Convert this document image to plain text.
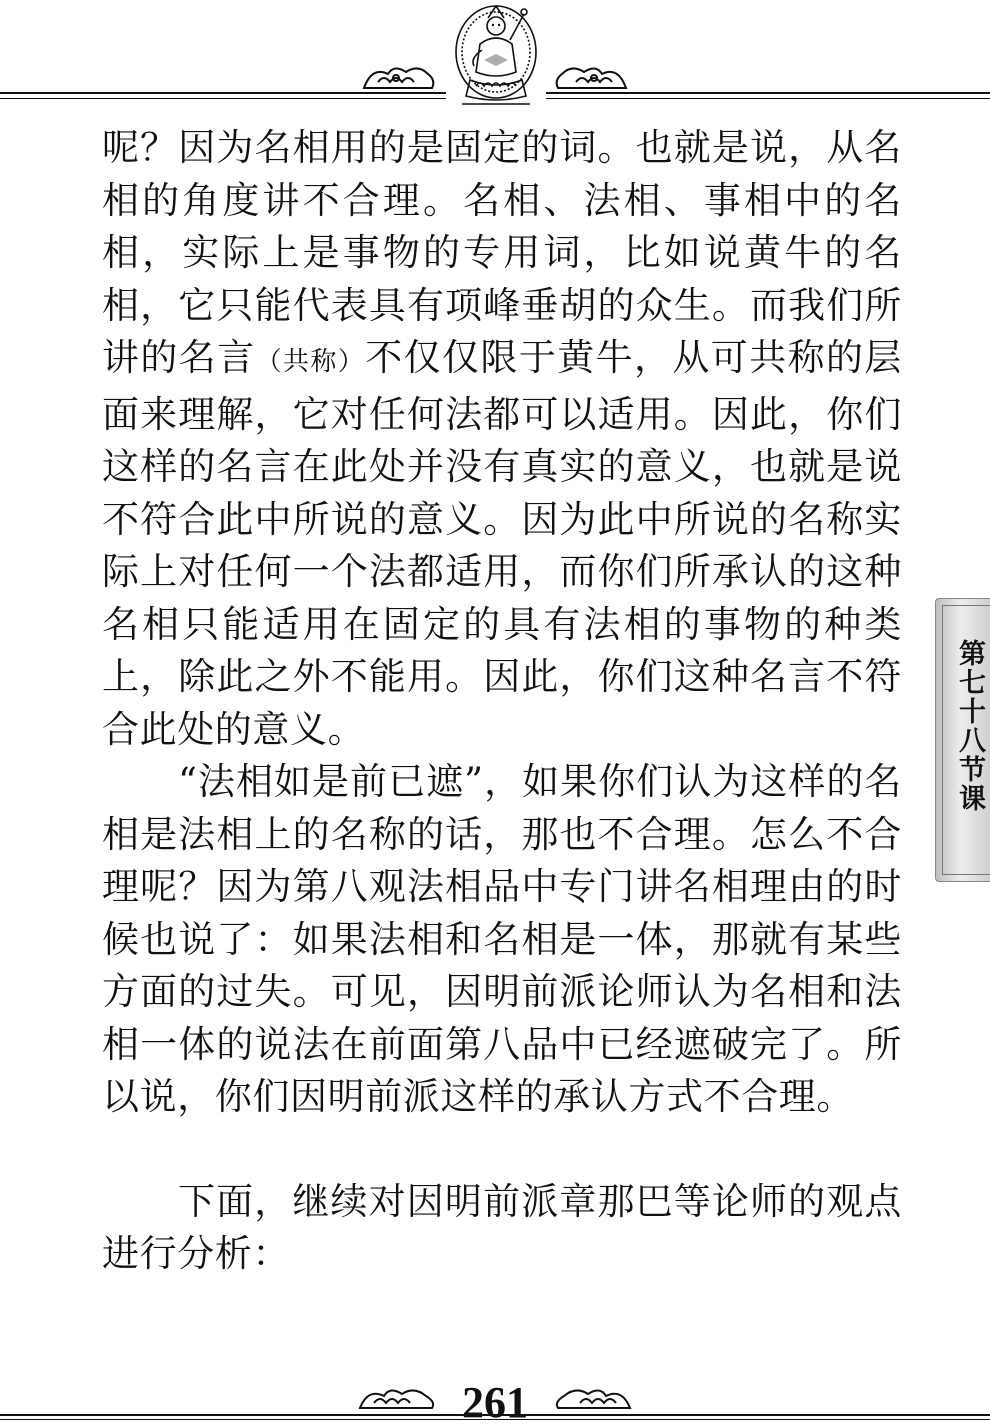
呢？因为名相用的是固定的词。也就是说，从名相的角度讲不合理。名相、法相、事相中的名相，实际上是事物的专用词，比如说黄牛的名相，它只能代表具有项峰垂胡的众生。而我们所讲的名言（共称）不仅仅限于黄牛，从可共称的层面来理解，它对任何法都可以适用。因此，你们这样的名言在此处并没有真实的意义，也就是说不符合此中所说的意义。因为此中所说的名称实际上对任何一个法都适用，而你们所承认的这种名相只能适用在固定的具有法相的事物的种类上，除此之外不能用。因此，你们这种名言不符合此处的意义。

“法相如是前已遮”，如果你们认为这样的名相是法相上的名称的话，那也不合理。怎么不合理呢？因为第八观法相品中专门讲名相理由的时候也说了：如果法相和名相是一体，那就有某些方面的过失。可见，因明前派论师认为名相和法相一体的说法在前面第八品中已经遮破完了。所以说，你们因明前派这样的承认方式不合理。

下面，继续对因明前派章那巴等论师的观点进行分析：

第七十八节课
261
